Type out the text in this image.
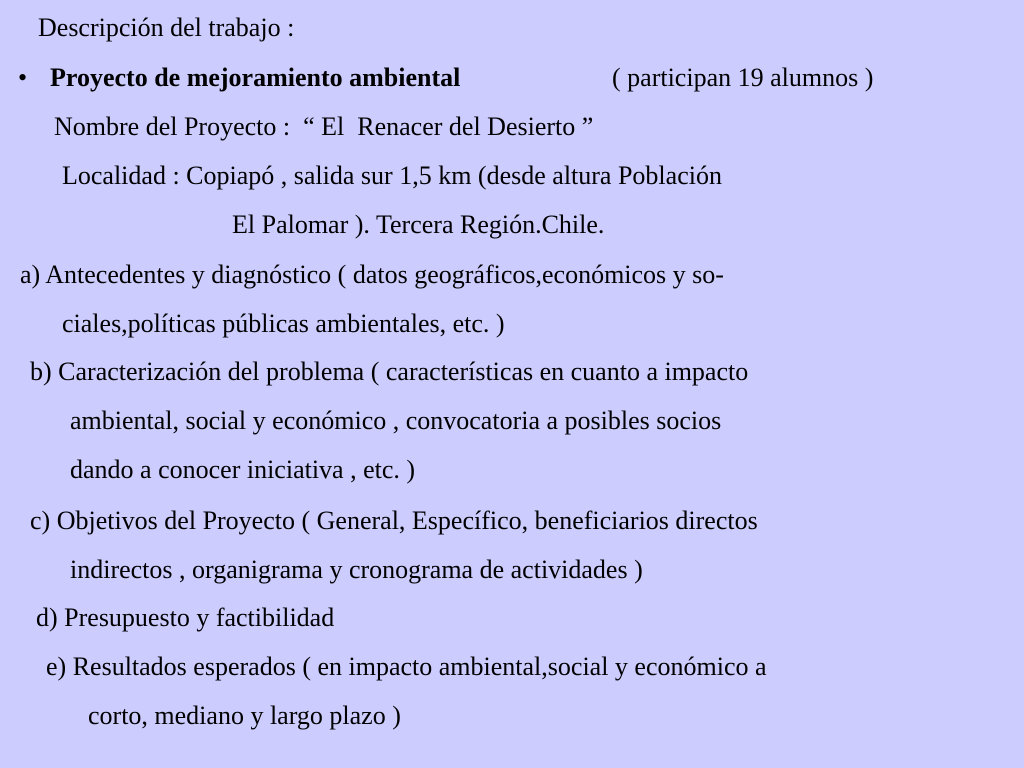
Descripción del trabajo :
• Proyecto de mejoramiento ambiental	( participan 19 alumnos )
Nombre del Proyecto :  “ El  Renacer del Desierto ”
Localidad : Copiapó , salida sur 1,5 km (desde altura Población
El Palomar ). Tercera Región.Chile.
a) Antecedentes y diagnóstico ( datos geográficos,económicos y so-
ciales,políticas públicas ambientales, etc. )
b) Caracterización del problema ( características en cuanto a impacto
ambiental, social y económico , convocatoria a posibles socios
dando a conocer iniciativa , etc. )
c) Objetivos del Proyecto ( General, Específico, beneficiarios directos
indirectos , organigrama y cronograma de actividades )
d) Presupuesto y factibilidad
e) Resultados esperados ( en impacto ambiental,social y económico a
corto, mediano y largo plazo )
